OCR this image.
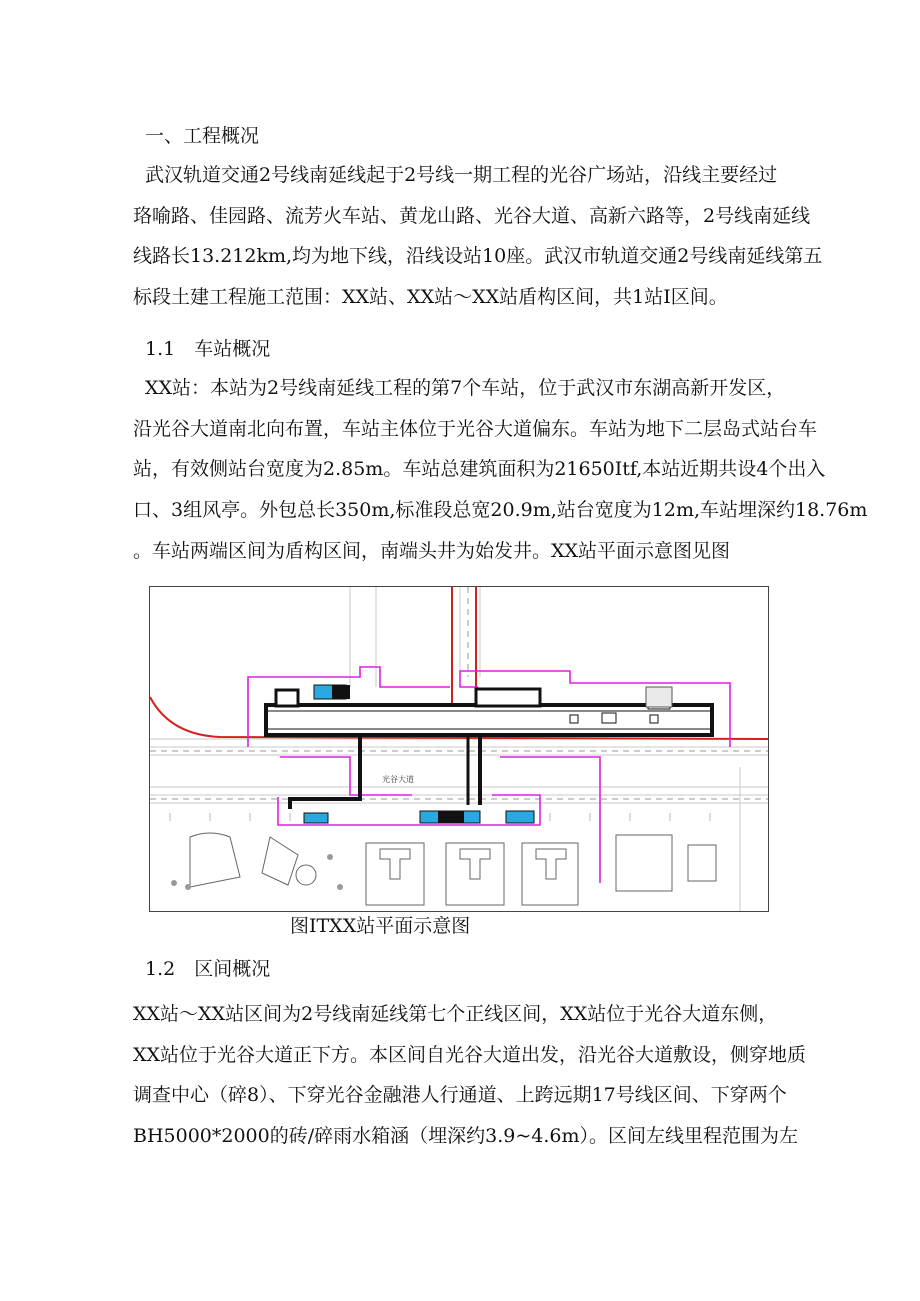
一、工程概况

武汉轨道交通2号线南延线起于2号线一期工程的光谷广场站，沿线主要经过
珞喻路、佳园路、流芳火车站、黄龙山路、光谷大道、高新六路等，2号线南延线
线路长13.212km,均为地下线，沿线设站10座。武汉市轨道交通2号线南延线第五
标段土建工程施工范围：XX站、XX站～XX站盾构区间，共1站I区间。

1.1　车站概况

XX站：本站为2号线南延线工程的第7个车站，位于武汉市东湖高新开发区，
沿光谷大道南北向布置，车站主体位于光谷大道偏东。车站为地下二层岛式站台车
站，有效侧站台宽度为2.85m。车站总建筑面积为21650Itf,本站近期共设4个出入
口、3组风亭。外包总长350m,标准段总宽20.9m,站台宽度为12m,车站埋深约18.76m
。车站两端区间为盾构区间，南端头井为始发井。XX站平面示意图见图

光谷大道
图ITXX站平面示意图
1.2　区间概况

XX站～XX站区间为2号线南延线第七个正线区间，XX站位于光谷大道东侧，
XX站位于光谷大道正下方。本区间自光谷大道出发，沿光谷大道敷设，侧穿地质
调查中心（碎8）、下穿光谷金融港人行通道、上跨远期17号线区间、下穿两个
BH5000*2000的砖/碎雨水箱涵（埋深约3.9~4.6m）。区间左线里程范围为左
